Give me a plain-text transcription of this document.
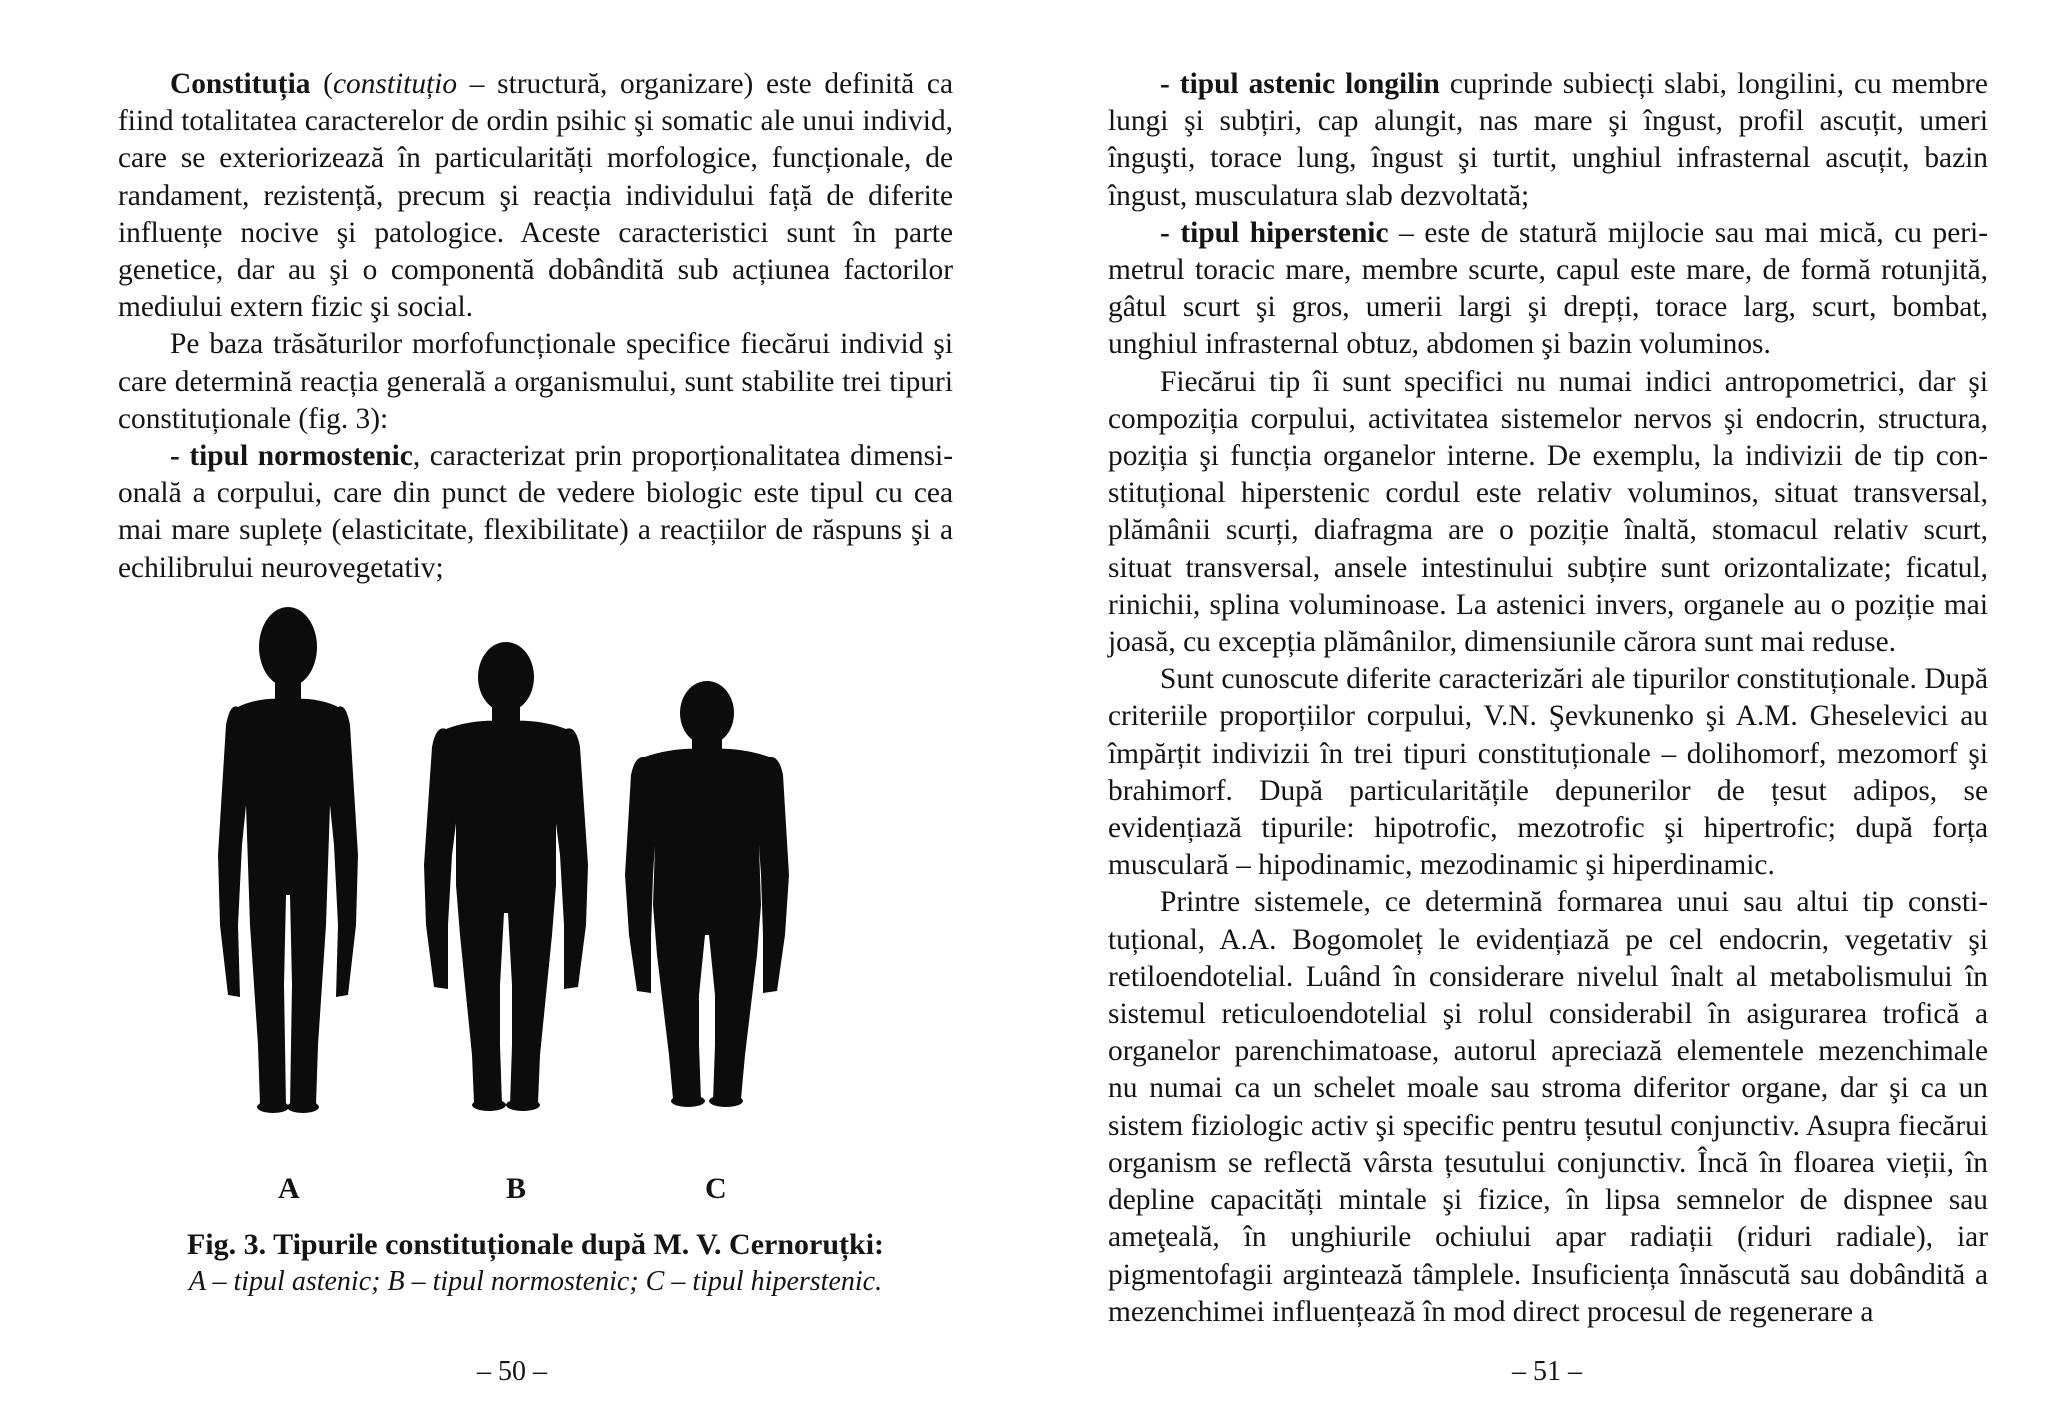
Constituția (constituțio – structură, organizare) este definită ca fiind totalitatea caracterelor de ordin psihic şi somatic ale unui individ, care se exteriorizează în particularități morfologice, funcționale, de randament, rezistență, precum şi reacția individului față de diferite influențe nocive şi patologice. Aceste caracteristici sunt în parte genetice, dar au şi o componentă dobândită sub acțiunea factorilor mediului extern fizic şi social.

Pe baza trăsăturilor morfofuncționale specifice fiecărui individ şi care determină reacția generală a organismului, sunt stabilite trei tipuri constituționale (fig. 3):

- tipul normostenic, caracterizat prin proporționalitatea dimensională a corpului, care din punct de vedere biologic este tipul cu cea mai mare suplețe (elasticitate, flexibilitate) a reacțiilor de răspuns şi a echilibrului neurovegetativ;

A	B	C
Fig. 3. Tipurile constituționale după M. V. Cernoruțki:
A – tipul astenic; B – tipul normostenic; C – tipul hiperstenic.
– 50 –

- tipul astenic longilin cuprinde subiecți slabi, longilini, cu membre lungi şi subțiri, cap alungit, nas mare şi îngust, profil ascuțit, umeri înguşti, torace lung, îngust şi turtit, unghiul infrasternal ascuțit, bazin îngust, musculatura slab dezvoltată;

- tipul hiperstenic – este de statură mijlocie sau mai mică, cu perimetrul toracic mare, membre scurte, capul este mare, de formă rotunjită, gâtul scurt şi gros, umerii largi şi drepți, torace larg, scurt, bombat, unghiul infrasternal obtuz, abdomen şi bazin voluminos.

Fiecărui tip îi sunt specifici nu numai indici antropometrici, dar şi compoziția corpului, activitatea sistemelor nervos şi endocrin, structura, poziția şi funcția organelor interne. De exemplu, la indivizii de tip constituțional hiperstenic cordul este relativ voluminos, situat transversal, plămânii scurți, diafragma are o poziție înaltă, stomacul relativ scurt, situat transversal, ansele intestinului subțire sunt orizontalizate; ficatul, rinichii, splina voluminoase. La astenici invers, organele au o poziție mai joasă, cu excepția plămânilor, dimensiunile cărora sunt mai reduse.

Sunt cunoscute diferite caracterizări ale tipurilor constituționale. După criteriile proporțiilor corpului, V.N. Şevkunenko şi A.M. Gheselevici au împărțit indivizii în trei tipuri constituționale – dolihomorf, mezomorf şi brahimorf. După particularitățile depunerilor de țesut adipos, se evidențiază tipurile: hipotrofic, mezotrofic şi hipertrofic; după forța musculară – hipodinamic, mezodinamic şi hiperdinamic.

Printre sistemele, ce determină formarea unui sau altui tip constituțional, A.A. Bogomoleț le evidențiază pe cel endocrin, vegetativ şi retiloendotelial. Luând în considerare nivelul înalt al metabolismului în sistemul reticuloendotelial şi rolul considerabil în asigurarea trofică a organelor parenchimatoase, autorul apreciază elementele mezenchimale nu numai ca un schelet moale sau stroma diferitor organe, dar şi ca un sistem fiziologic activ şi specific pentru țesutul conjunctiv. Asupra fiecărui organism se reflectă vârsta țesutului conjunctiv. Încă în floarea vieții, în depline capacități mintale şi fizice, în lipsa semnelor de dispnee sau ameţeală, în unghiurile ochiului apar radiații (riduri radiale), iar pigmentofagii argintează tâmplele. Insuficiența înnăscută sau dobândită a mezenchimei influențează în mod direct procesul de regenerare a

– 51 –
